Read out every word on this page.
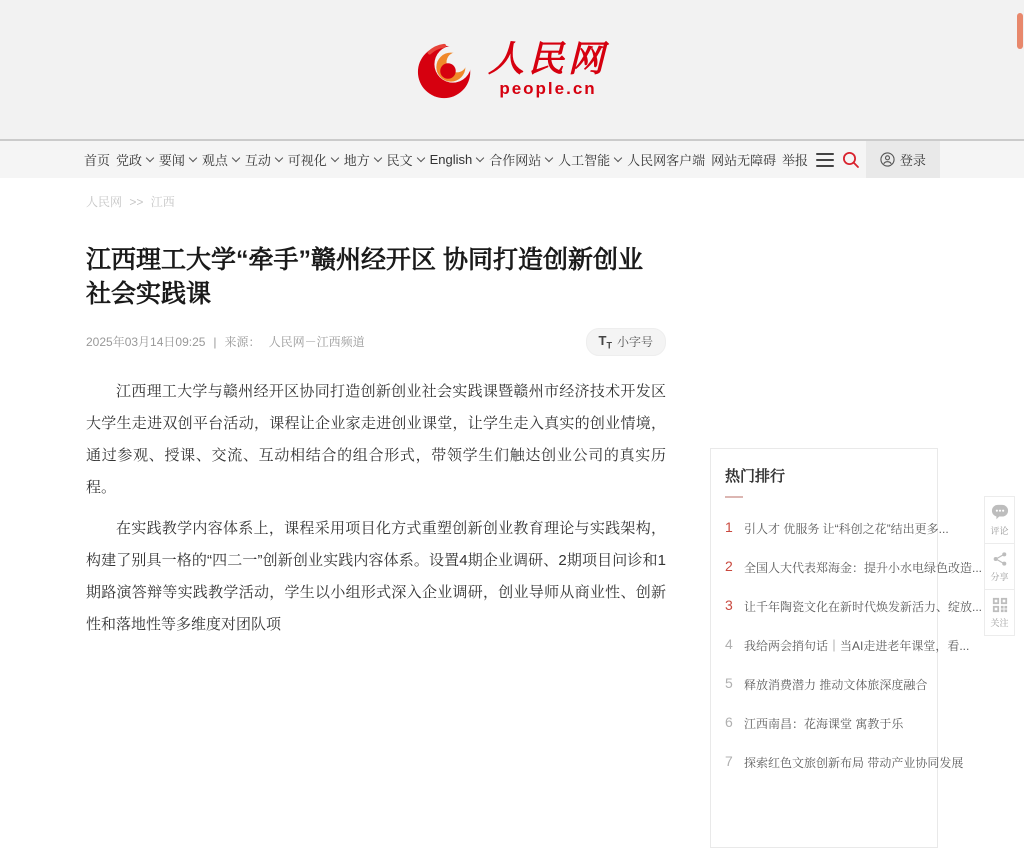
人民网
people.cn
首页 党政 要闻 观点 互动 可视化 地方 民文 English 合作网站 人工智能 人民网客户端 网站无障碍 举报	登录
人民网 >> 江西
江西理工大学“牵手”赣州经开区 协同打造创新创业社会实践课
2025年03月14日09:25 | 来源： 人民网－江西频道	$T_T$ 小字号

江西理工大学与赣州经开区协同打造创新创业社会实践课暨赣州市经济技术开发区大学生走进双创平台活动，课程让企业家走进创业课堂，让学生走入真实的创业情境，通过参观、授课、交流、互动相结合的组合形式，带领学生们触达创业公司的真实历程。

在实践教学内容体系上，课程采用项目化方式重塑创新创业教育理论与实践架构，构建了别具一格的“四二一”创新创业实践内容体系。设置4期企业调研、2期项目问诊和1期路演答辩等实践教学活动，学生以小组形式深入企业调研，创业导师从商业性、创新性和落地性等多维度对团队项

热门排行
1 引人才 优服务 让“科创之花”结出更多...
2 全国人大代表郑海金：提升小水电绿色改造...
3 让千年陶瓷文化在新时代焕发新活力、绽放...
4 我给两会捎句话｜当AI走进老年课堂，看...
5 释放消费潜力 推动文体旅深度融合
6 江西南昌：花海课堂 寓教于乐
7 探索红色文旅创新布局 带动产业协同发展
评论
分享
关注
